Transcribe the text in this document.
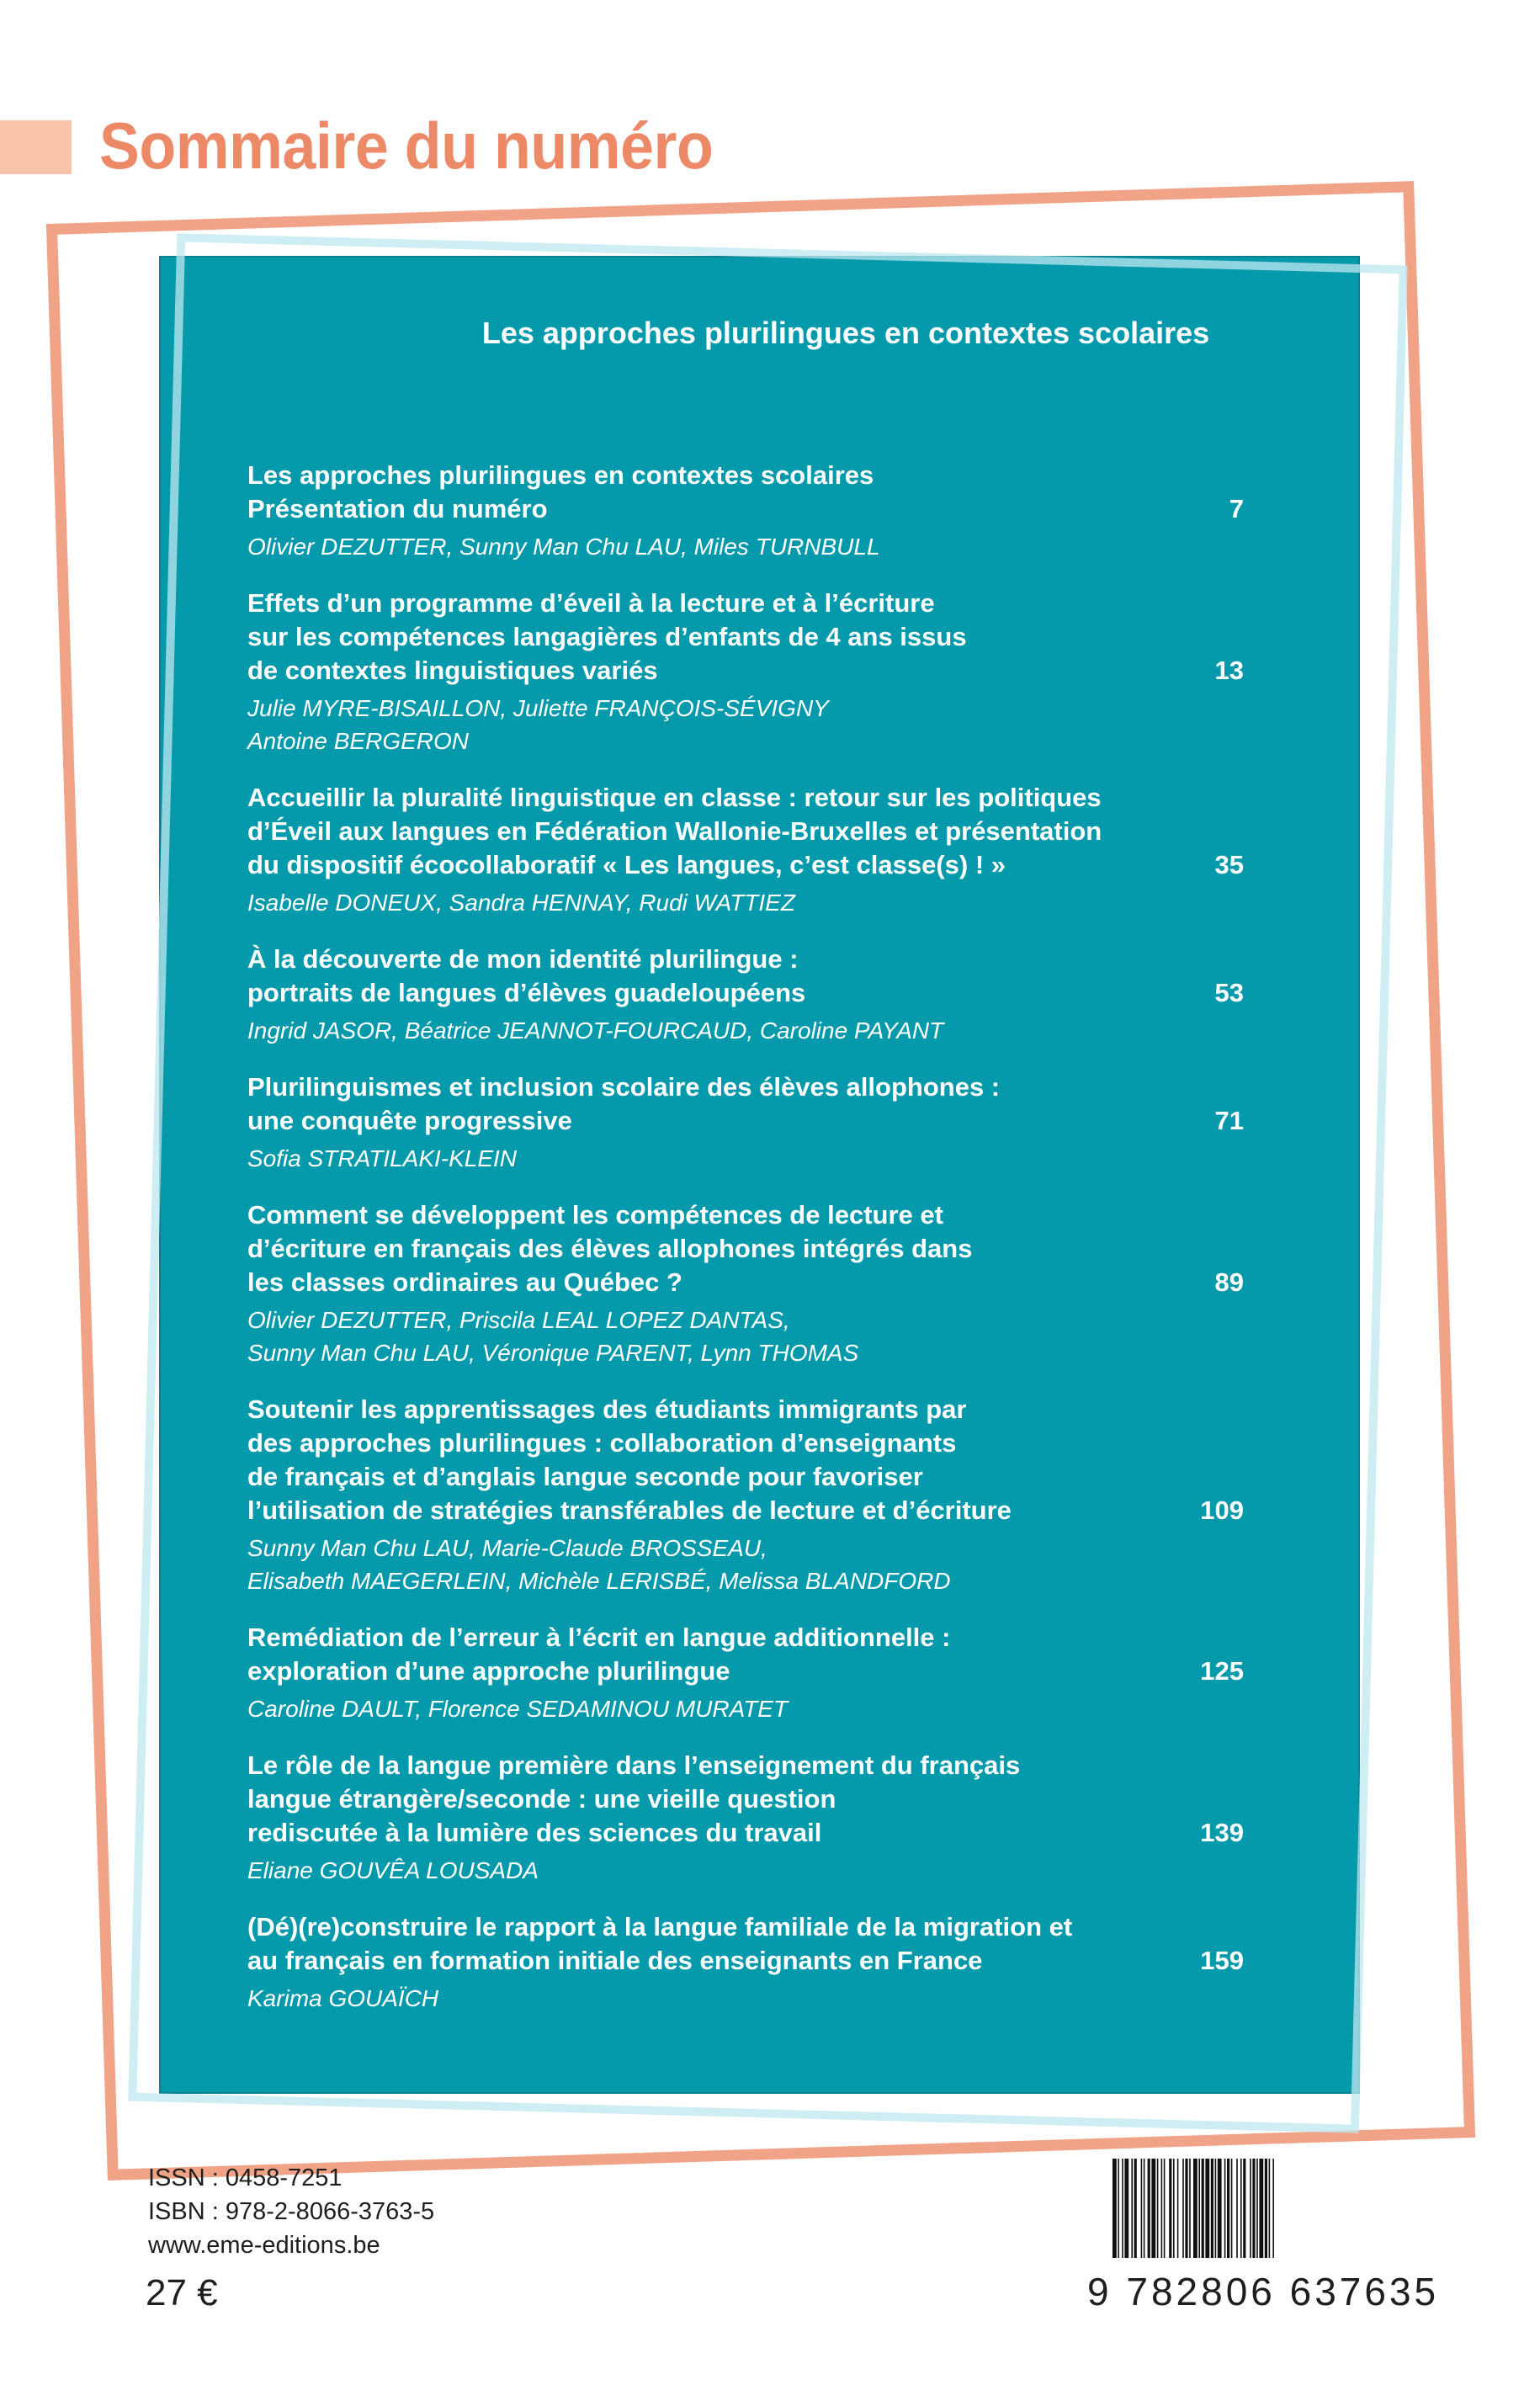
Sommaire du numéro
Les approches plurilingues en contextes scolaires
Les approches plurilingues en contextes scolaires
Présentation du numéro	7
Olivier DEZUTTER, Sunny Man Chu LAU, Miles TURNBULL
Effets d’un programme d’éveil à la lecture et à l’écriture
sur les compétences langagières d’enfants de 4 ans issus
de contextes linguistiques variés	13
Julie MYRE-BISAILLON, Juliette FRANÇOIS-SÉVIGNY
Antoine BERGERON
Accueillir la pluralité linguistique en classe : retour sur les politiques
d’Éveil aux langues en Fédération Wallonie-Bruxelles et présentation
du dispositif écocollaboratif « Les langues, c’est classe(s) ! »	35
Isabelle DONEUX, Sandra HENNAY, Rudi WATTIEZ
À la découverte de mon identité plurilingue :
portraits de langues d’élèves guadeloupéens	53
Ingrid JASOR, Béatrice JEANNOT-FOURCAUD, Caroline PAYANT
Plurilinguismes et inclusion scolaire des élèves allophones :
une conquête progressive	71
Sofia STRATILAKI-KLEIN
Comment se développent les compétences de lecture et
d’écriture en français des élèves allophones intégrés dans
les classes ordinaires au Québec ?	89
Olivier DEZUTTER, Priscila LEAL LOPEZ DANTAS,
Sunny Man Chu LAU, Véronique PARENT, Lynn THOMAS
Soutenir les apprentissages des étudiants immigrants par
des approches plurilingues : collaboration d’enseignants
de français et d’anglais langue seconde pour favoriser
l’utilisation de stratégies transférables de lecture et d’écriture	109
Sunny Man Chu LAU, Marie-Claude BROSSEAU,
Elisabeth MAEGERLEIN, Michèle LERISBÉ, Melissa BLANDFORD
Remédiation de l’erreur à l’écrit en langue additionnelle :
exploration d’une approche plurilingue	125
Caroline DAULT, Florence SEDAMINOU MURATET
Le rôle de la langue première dans l’enseignement du français
langue étrangère/seconde : une vieille question
rediscutée à la lumière des sciences du travail	139
Eliane GOUVÊA LOUSADA
(Dé)(re)construire le rapport à la langue familiale de la migration et
au français en formation initiale des enseignants en France	159
Karima GOUAÏCH
ISSN : 0458-7251
ISBN : 978-2-8066-3763-5
www.eme-editions.be
27 €	9 782806 637635
